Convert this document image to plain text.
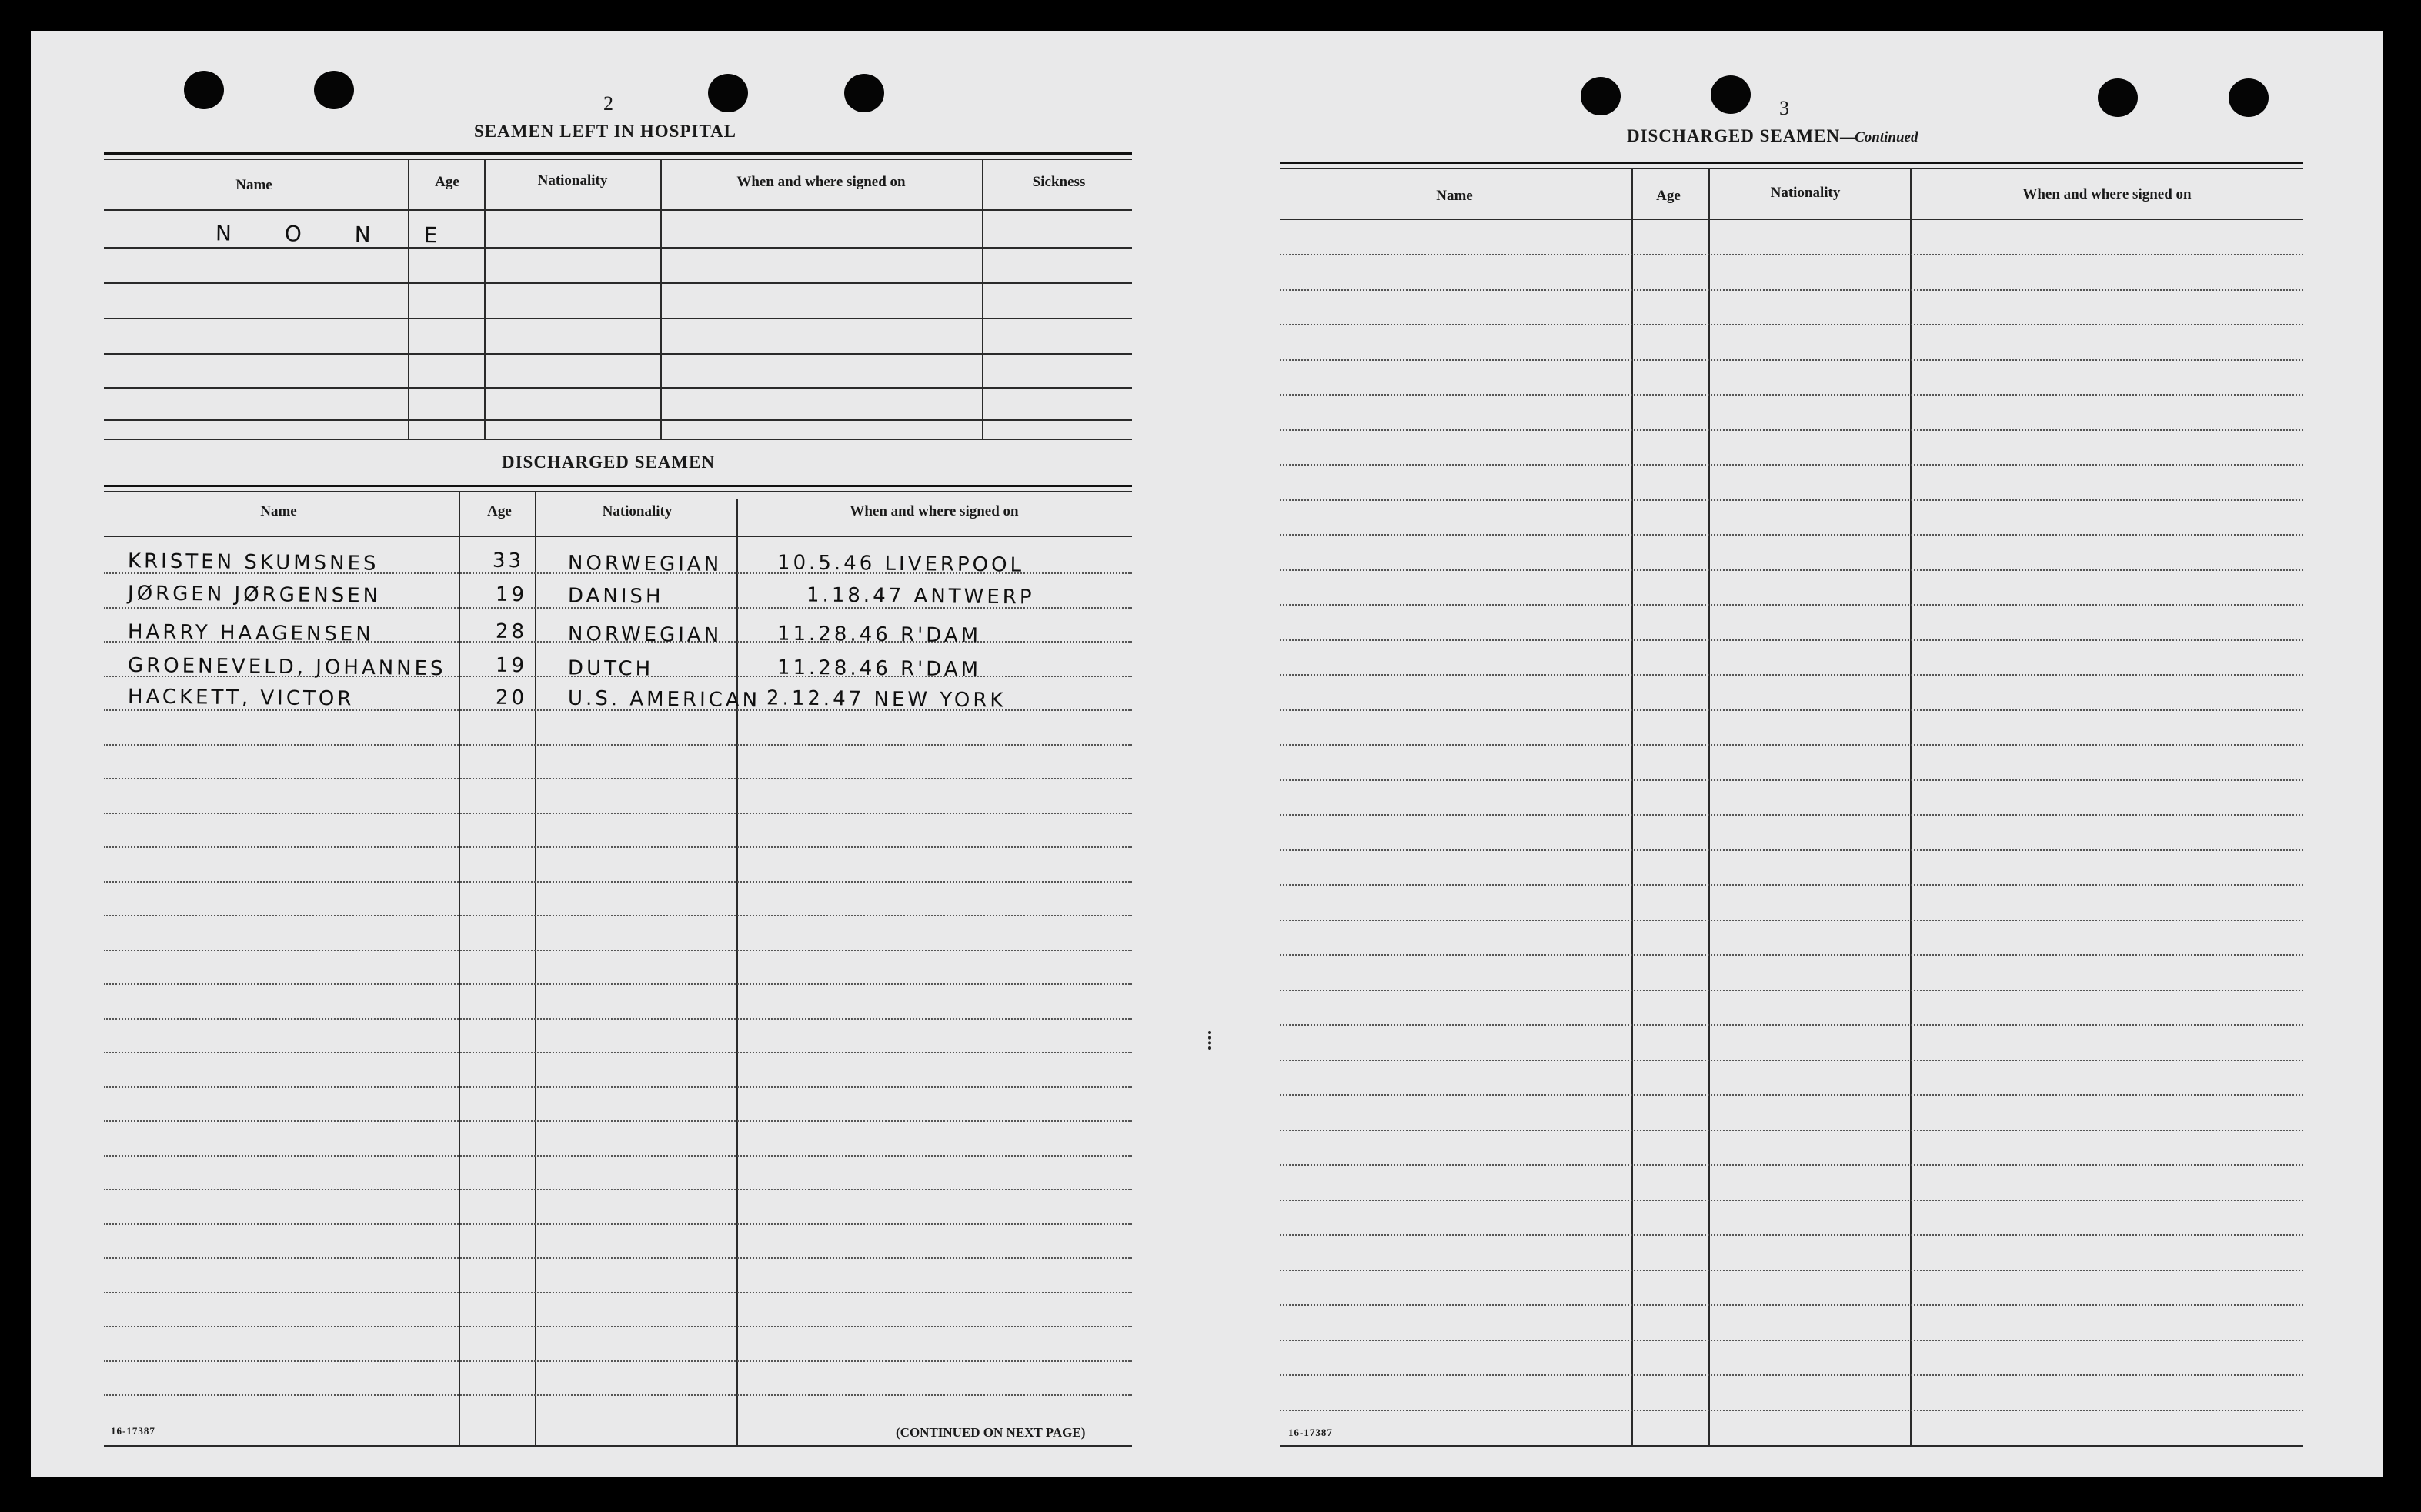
2
SEAMEN LEFT IN HOSPITAL
Name	Age	Nationality	When and where signed on	Sickness
N O N E
DISCHARGED SEAMEN
Name	Age	Nationality	When and where signed on
KRISTEN SKUMSNES	33 NORWEGIAN	10.5.46 LIVERPOOL
JØRGEN JØRGENSEN	19 DANISH	1.18.47 ANTWERP
HARRY HAAGENSEN	28 NORWEGIAN	11.28.46 R'DAM
GROENEVELD, JOHANNES 19 DUTCH	11.28.46 R'DAM
HACKETT, VICTOR	20 U.S. AMERICAN 2.12.47 NEW YORK
16-17387	(CONTINUED ON NEXT PAGE)
3
DISCHARGED SEAMEN—Continued
Name	Age	Nationality	When and where signed on
16-17387
